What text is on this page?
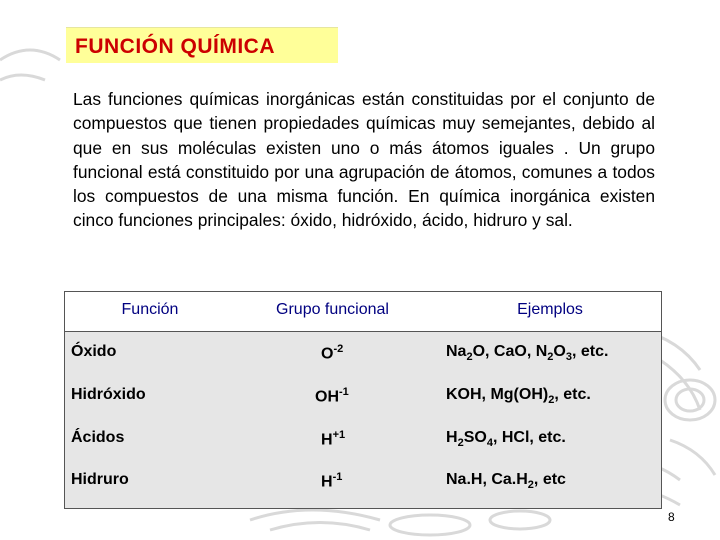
FUNCIÓN QUÍMICA
Las funciones químicas inorgánicas están constituidas por el conjunto de compuestos que tienen propiedades químicas muy semejantes, debido al que en sus moléculas existen uno o más átomos iguales . Un grupo funcional está constituido por una agrupación de átomos, comunes a todos los compuestos de una misma función. En química inorgánica existen cinco funciones principales: óxido, hidróxido, ácido, hidruro y sal.
Función	Grupo funcional	Ejemplos
Óxido	$O^{-2}$	$Na_2O$, CaO, $N_2O_3$, etc.
Hidróxido	$OH^{-1}$	KOH, $Mg(OH)_2$, etc.
Ácidos	$H^{+1}$	$H_2SO_4$, HCl, etc.
Hidruro	$H^{-1}$	Na.H, $Ca.H_2$, etc
8
